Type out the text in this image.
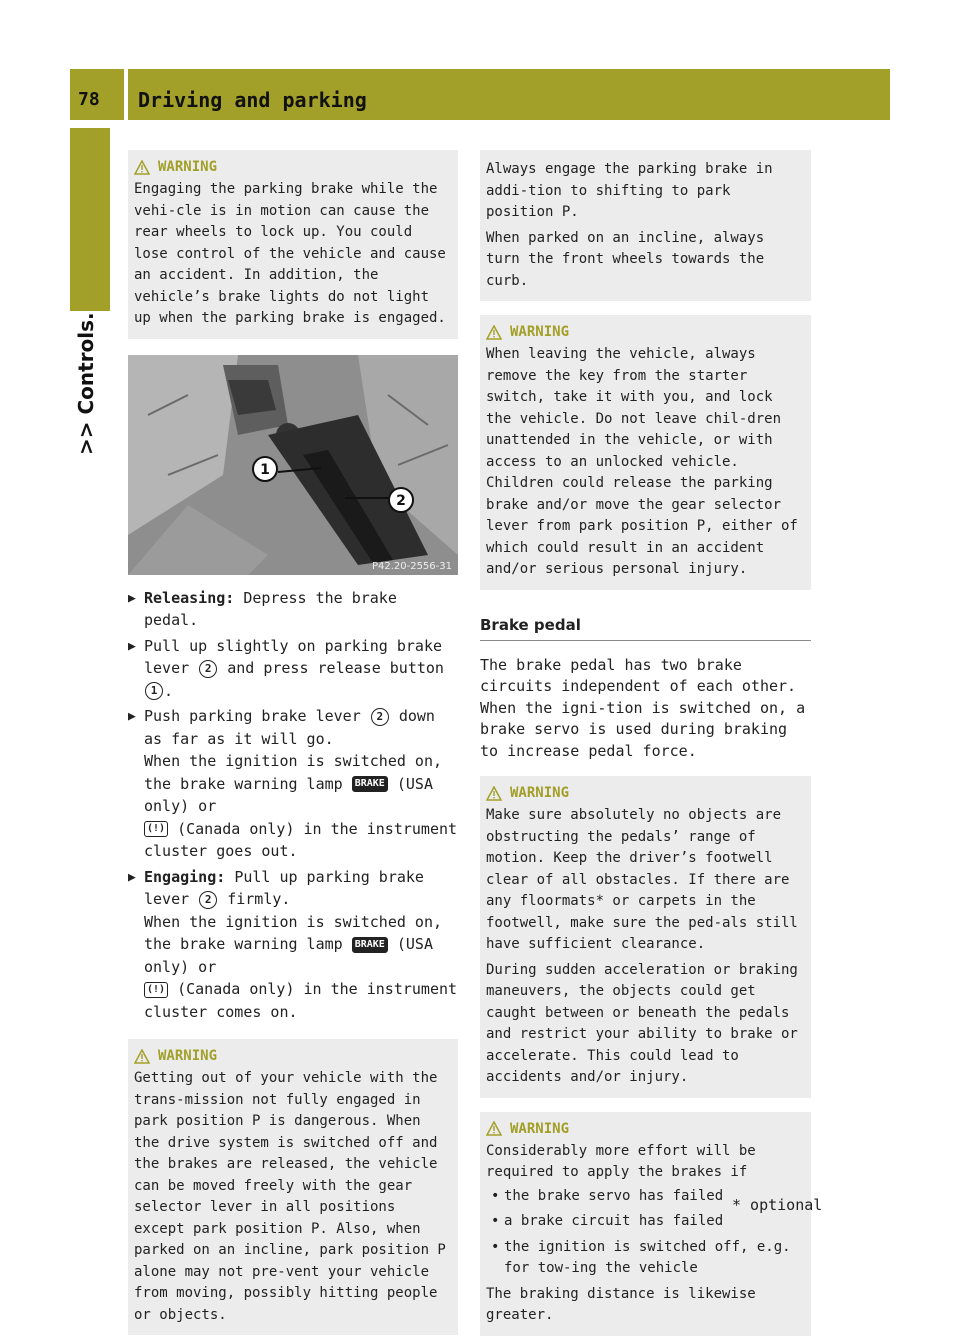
78 Driving and parking
>> Controls.
WARNING

Engaging the parking brake while the vehi-cle is in motion can cause the rear wheels to lock up. You could lose control of the vehicle and cause an accident. In addition, the vehicle’s brake lights do not light up when the parking brake is engaged.

1
2
P42.20-2556-31
▶ Releasing: Depress the brake pedal.
▶ Pull up slightly on parking brake lever 2 and press release button 1 .
▶ Push parking brake lever 2 down as far as it will go.
When the ignition is switched on, the brake warning lamp BRAKE (USA only) or
(!) (Canada only) in the instrument cluster goes out.
▶ Engaging: Pull up parking brake lever 2 firmly.
When the ignition is switched on, the brake warning lamp BRAKE (USA only) or
(!) (Canada only) in the instrument cluster comes on.
WARNING

Getting out of your vehicle with the trans-mission not fully engaged in park position P is dangerous. When the drive system is switched off and the brakes are released, the vehicle can be moved freely with the gear selector lever in all positions except park position P. Also, when parked on an incline, park position P alone may not pre-vent your vehicle from moving, possibly hitting people or objects.

Always engage the parking brake in addi-tion to shifting to park position P.

When parked on an incline, always turn the front wheels towards the curb.

WARNING

When leaving the vehicle, always remove the key from the starter switch, take it with you, and lock the vehicle. Do not leave chil-dren unattended in the vehicle, or with access to an unlocked vehicle. Children could release the parking brake and/or move the gear selector lever from park position P, either of which could result in an accident and/or serious personal injury.

Brake pedal
The brake pedal has two brake circuits independent of each other. When the igni-tion is switched on, a brake servo is used during braking to increase pedal force.
WARNING

Make sure absolutely no objects are obstructing the pedals’ range of motion. Keep the driver’s footwell clear of all obstacles. If there are any floormats* or carpets in the footwell, make sure the ped-als still have sufficient clearance.

During sudden acceleration or braking maneuvers, the objects could get caught between or beneath the pedals and restrict your ability to brake or accelerate. This could lead to accidents and/or injury.

WARNING

Considerably more effort will be required to apply the brakes if

• the brake servo has failed
• a brake circuit has failed
• the ignition is switched off, e.g. for tow-ing the vehicle

The braking distance is likewise greater.

* optional
